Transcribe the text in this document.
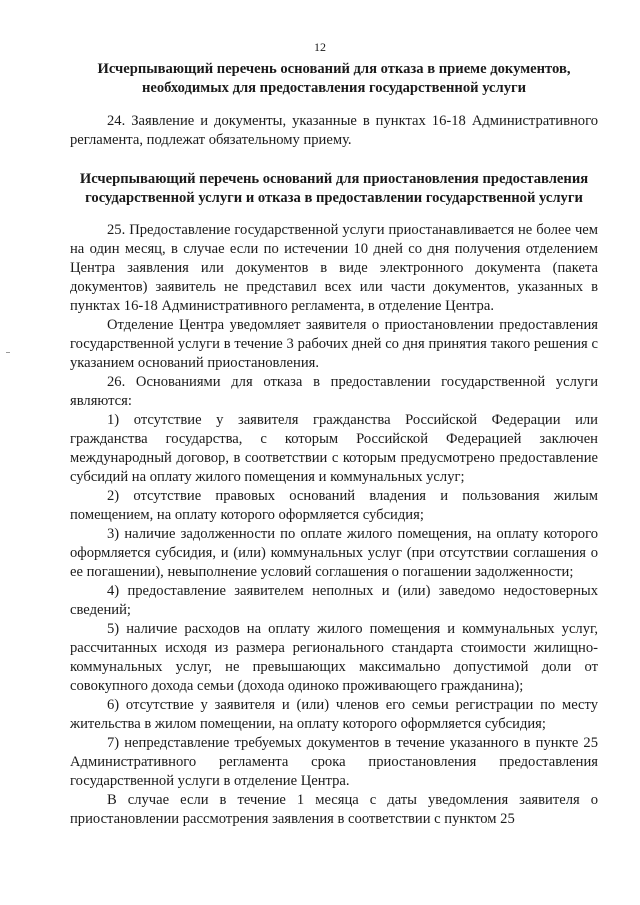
12

Исчерпывающий перечень оснований для отказа в приеме документов, необходимых для предоставления государственной услуги

24. Заявление и документы, указанные в пунктах 16-18 Административного регламента, подлежат обязательному приему.

Исчерпывающий перечень оснований для приостановления предоставления государственной услуги и отказа в предоставлении государственной услуги

25. Предоставление государственной услуги приостанавливается не более чем на один месяц, в случае если по истечении 10 дней со дня получения отделением Центра заявления или документов в виде электронного документа (пакета документов) заявитель не представил всех или части документов, указанных в пунктах 16-18 Административного регламента, в отделение Центра.

Отделение Центра уведомляет заявителя о приостановлении предоставления государственной услуги в течение 3 рабочих дней со дня принятия такого решения с указанием оснований приостановления.

26. Основаниями для отказа в предоставлении государственной услуги являются:

1) отсутствие у заявителя гражданства Российской Федерации или гражданства государства, с которым Российской Федерацией заключен международный договор, в соответствии с которым предусмотрено предоставление субсидий на оплату жилого помещения и коммунальных услуг;

2) отсутствие правовых оснований владения и пользования жилым помещением, на оплату которого оформляется субсидия;

3) наличие задолженности по оплате жилого помещения, на оплату которого оформляется субсидия, и (или) коммунальных услуг (при отсутствии соглашения о ее погашении), невыполнение условий соглашения о погашении задолженности;

4) предоставление заявителем неполных и (или) заведомо недостоверных сведений;

5) наличие расходов на оплату жилого помещения и коммунальных услуг, рассчитанных исходя из размера регионального стандарта стоимости жилищно-коммунальных услуг, не превышающих максимально допустимой доли от совокупного дохода семьи (дохода одиноко проживающего гражданина);

6) отсутствие у заявителя и (или) членов его семьи регистрации по месту жительства в жилом помещении, на оплату которого оформляется субсидия;

7) непредставление требуемых документов в течение указанного в пункте 25 Административного регламента срока приостановления предоставления государственной услуги в отделение Центра.

В случае если в течение 1 месяца с даты уведомления заявителя о приостановлении рассмотрения заявления в соответствии с пунктом 25
